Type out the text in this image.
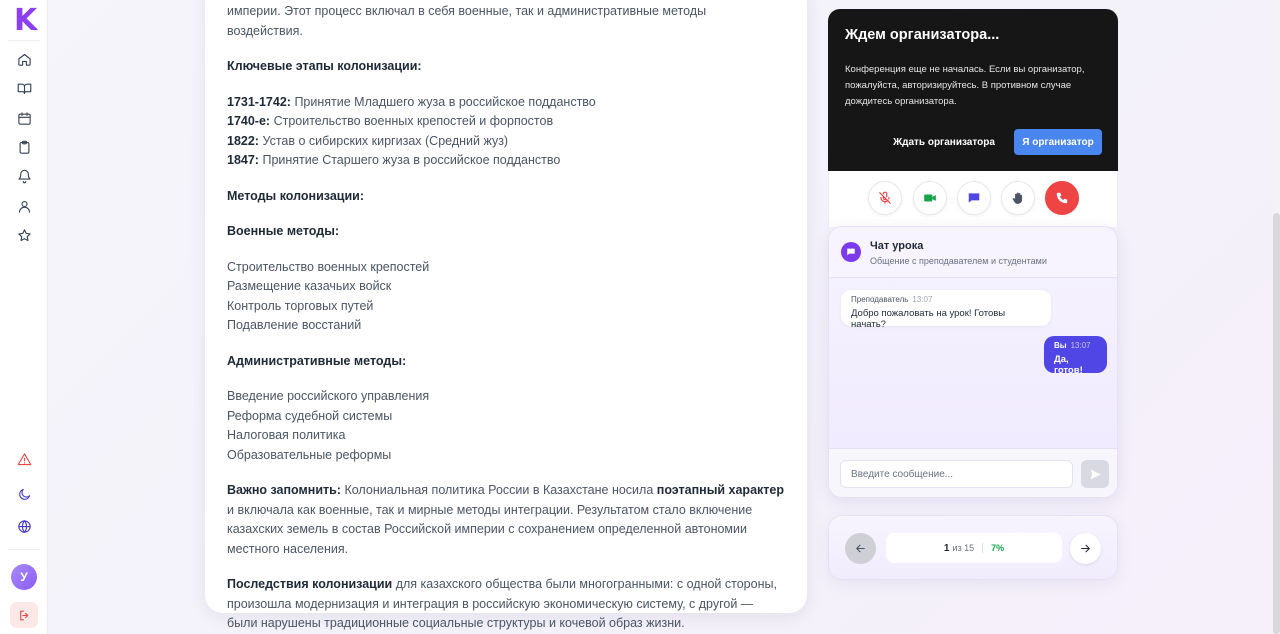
K
У

империи. Этот процесс включал в себя военные, так и административные методы воздействия.

Ключевые этапы колонизации:

1731-1742: Принятие Младшего жуза в российское подданство

1740-е: Строительство военных крепостей и форпостов

1822: Устав о сибирских киргизах (Средний жуз)

1847: Принятие Старшего жуза в российское подданство

Методы колонизации:

Военные методы:

Строительство военных крепостей

Размещение казачьих войск

Контроль торговых путей

Подавление восстаний

Административные методы:

Введение российского управления

Реформа судебной системы

Налоговая политика

Образовательные реформы

Важно запомнить: Колониальная политика России в Казахстане носила поэтапный характер и включала как военные, так и мирные методы интеграции. Результатом стало включение казахских земель в состав Российской империи с сохранением определенной автономии местного населения.

Последствия колонизации для казахского общества были многогранными: с одной стороны, произошла модернизация и интеграция в российскую экономическую систему, с другой — были нарушены традиционные социальные структуры и кочевой образ жизни.

Ждем организатора...
Конференция еще не началась. Если вы организатор, пожалуйста, авторизируйтесь. В противном случае дождитесь организатора.
Ждать организатора	Я организатор
Чат урока
Общение с преподавателем и студентами
Преподаватель 13:07
Добро пожаловать на урок! Готовы начать?
Вы 13:07
Да, готов!
Введите сообщение...
1 из 15 7%
